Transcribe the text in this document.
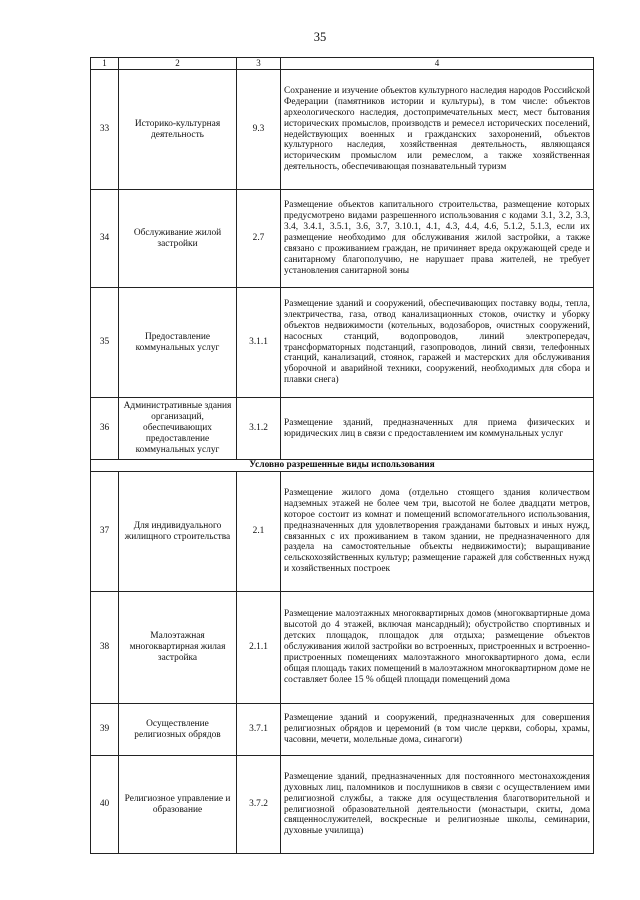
35
1	2	3	4
33	Историко-культурная деятельность	9.3	Сохранение и изучение объектов культурного наследия народов Российской Федерации (памятников истории и культуры), в том числе: объектов археологического наследия, достопримечательных мест, мест бытования исторических промыслов, производств и ремесел исторических поселений, недействующих военных и гражданских захоронений, объектов культурного наследия, хозяйственная деятельность, являющаяся историческим промыслом или ремеслом, а также хозяйственная деятельность, обеспечивающая познавательный туризм
34	Обслуживание жилой застройки	2.7	Размещение объектов капитального строительства, размещение которых предусмотрено видами разрешенного использования с кодами 3.1, 3.2, 3.3, 3.4, 3.4.1, 3.5.1, 3.6, 3.7, 3.10.1, 4.1, 4.3, 4.4, 4.6, 5.1.2, 5.1.3, если их размещение необходимо для обслуживания жилой застройки, а также связано с проживанием граждан, не причиняет вреда окружающей среде и санитарному благополучию, не нарушает права жителей, не требует установления санитарной зоны
35	Предоставление коммунальных услуг	3.1.1	Размещение зданий и сооружений, обеспечивающих поставку воды, тепла, электричества, газа, отвод канализационных стоков, очистку и уборку объектов недвижимости (котельных, водозаборов, очистных сооружений, насосных станций, водопроводов, линий электропередач, трансформаторных подстанций, газопроводов, линий связи, телефонных станций, канализаций, стоянок, гаражей и мастерских для обслуживания уборочной и аварийной техники, сооружений, необходимых для сбора и плавки снега)
36	Административные здания организаций, обеспечивающих предоставление коммунальных услуг	3.1.2	Размещение зданий, предназначенных для приема физических и юридических лиц в связи с предоставлением им коммунальных услуг
Условно разрешенные виды использования			
37	Для индивидуального жилищного строительства	2.1	Размещение жилого дома (отдельно стоящего здания количеством надземных этажей не более чем три, высотой не более двадцати метров, которое состоит из комнат и помещений вспомогательного использования, предназначенных для удовлетворения гражданами бытовых и иных нужд, связанных с их проживанием в таком здании, не предназначенного для раздела на самостоятельные объекты недвижимости); выращивание сельскохозяйственных культур; размещение гаражей для собственных нужд и хозяйственных построек
38	Малоэтажная многоквартирная жилая застройка	2.1.1	Размещение малоэтажных многоквартирных домов (многоквартирные дома высотой до 4 этажей, включая мансардный); обустройство спортивных и детских площадок, площадок для отдыха; размещение объектов обслуживания жилой застройки во встроенных, пристроенных и встроенно-пристроенных помещениях малоэтажного многоквартирного дома, если общая площадь таких помещений в малоэтажном многоквартирном доме не составляет более 15 % общей площади помещений дома
39	Осуществление религиозных обрядов	3.7.1	Размещение зданий и сооружений, предназначенных для совершения религиозных обрядов и церемоний (в том числе церкви, соборы, храмы, часовни, мечети, молельные дома, синагоги)
40	Религиозное управление и образование	3.7.2	Размещение зданий, предназначенных для постоянного местонахождения духовных лиц, паломников и послушников в связи с осуществлением ими религиозной службы, а также для осуществления благотворительной и религиозной образовательной деятельности (монастыри, скиты, дома священнослужителей, воскресные и религиозные школы, семинарии, духовные училища)
